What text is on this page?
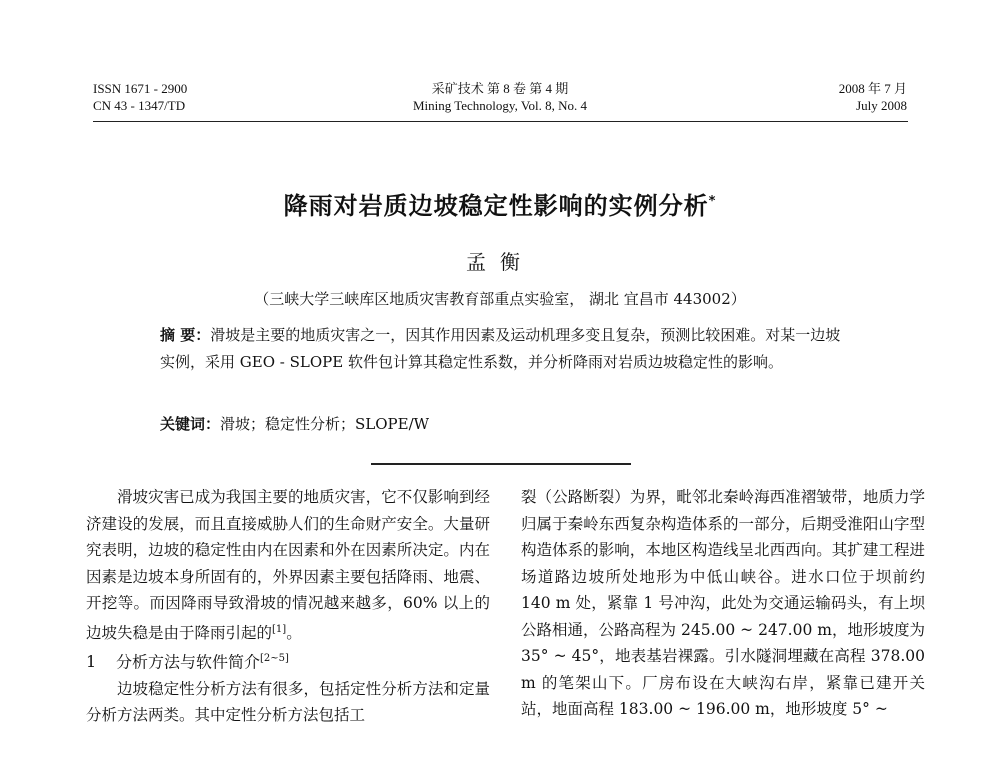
ISSN 1671 - 2900
CN 43 - 1347/TD
采矿技术 第 8 卷 第 4 期
Mining Technology, Vol. 8, No. 4
2008 年 7 月
July 2008
降雨对岩质边坡稳定性影响的实例分析*
孟衡
（三峡大学三峡库区地质灾害教育部重点实验室， 湖北 宜昌市 443002）
摘 要：滑坡是主要的地质灾害之一，因其作用因素及运动机理多变且复杂，预测比较困难。对某一边坡实例，采用 GEO - SLOPE 软件包计算其稳定性系数，并分析降雨对岩质边坡稳定性的影响。
关键词：滑坡；稳定性分析；SLOPE/W

滑坡灾害已成为我国主要的地质灾害，它不仅影响到经济建设的发展，而且直接威胁人们的生命财产安全。大量研究表明，边坡的稳定性由内在因素和外在因素所决定。内在因素是边坡本身所固有的，外界因素主要包括降雨、地震、开挖等。而因降雨导致滑坡的情况越来越多，60% 以上的边坡失稳是由于降雨引起的[1]。

1 分析方法与软件简介[2~5]

边坡稳定性分析方法有很多，包括定性分析方法和定量分析方法两类。其中定性分析方法包括工

裂（公路断裂）为界，毗邻北秦岭海西准褶皱带，地质力学归属于秦岭东西复杂构造体系的一部分，后期受淮阳山字型构造体系的影响，本地区构造线呈北西西向。其扩建工程进场道路边坡所处地形为中低山峡谷。进水口位于坝前约 140 m 处，紧靠 1 号冲沟，此处为交通运输码头，有上坝公路相通，公路高程为 245.00 ~ 247.00 m，地形坡度为 35° ~ 45°，地表基岩裸露。引水隧洞埋藏在高程 378.00 m 的笔架山下。厂房布设在大峡沟右岸，紧靠已建开关站，地面高程 183.00 ~ 196.00 m，地形坡度 5° ~
